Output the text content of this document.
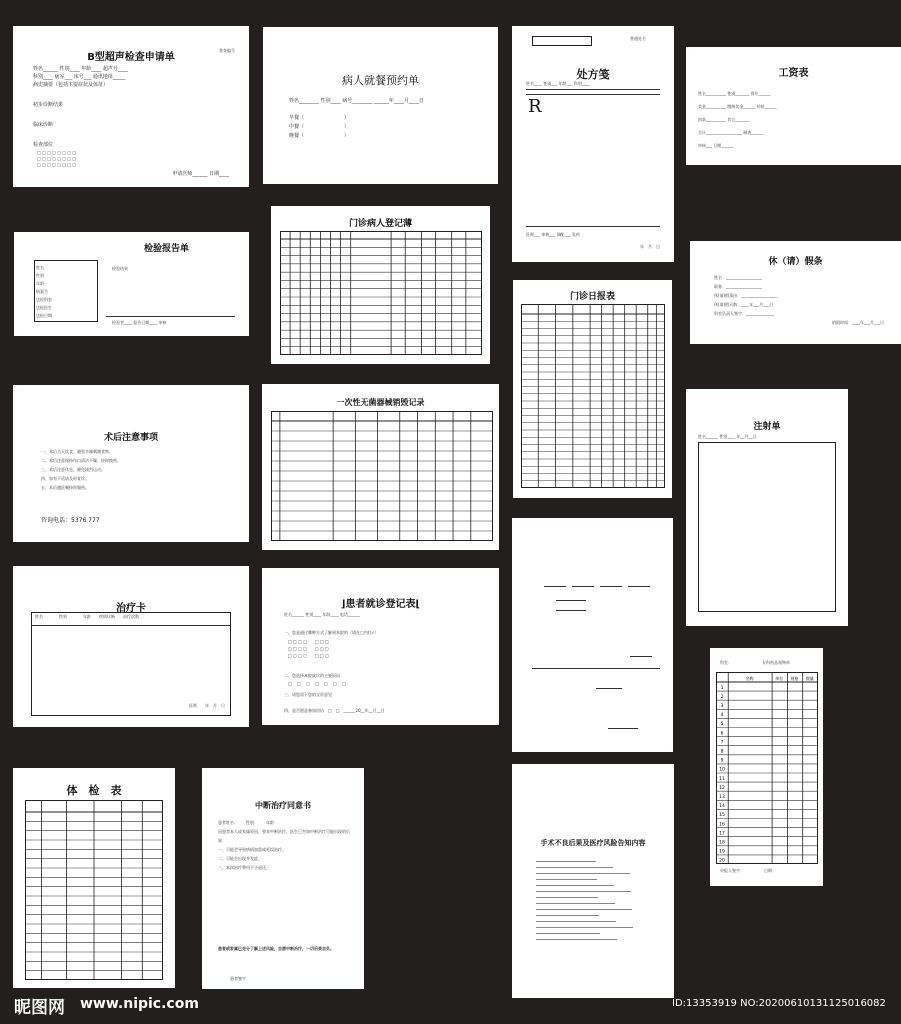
B型超声检查申请单
普查编号
姓名______ 性别____ 年龄____ 超声号____
科别____ 病室___ 床号___ 通讯地址_____
病史摘要（包括主要症状及体征）
初步诊断结果
临床诊断
检查部位
□ □ □ □ □ □ □ □
□ □ □ □ □ □ □ □
□ □ □ □ □ □ □ □
申请医师______ 日期____
病人就餐预约单
姓名________ 性别____ 病号________ ______年____月____日
早餐（　　　　　　　　）
中餐（　　　　　　　　）
晚餐（　　　　　　　　）
普通处方
处方笺
姓名____ 性别___ 年龄___ 科别____
R
医师___ 审核___ 调配___ 发药
年　 月　 日
工资表
姓名__________ 性别_______ 岗位______
奖金__________ 缴纳奖金______ 补贴______
扣款__________ 其它_______
合计__________________ 制表______
审核___ 日期______
检验报告单
姓名
性别
年龄
病案号
送检科室
送检医生
送检日期
检验结果
检验者____ 报告日期____ 审核
门诊病人登记薄
门诊日报表
休（请）假条
姓名：__________________
职务：__________________
休(请)假事由：__________________
休(请)假天数：____年___月___日
科室负责人签字：______________
销假时间：____年___月___日
术后注意事项
一、术后当天饮食，避免辛辣刺激食物。
二、术后注意保持伤口清洁干燥，按时换药。
三、术后注意休息，避免剧烈运动。
四、如有不适请及时复诊。
五、术后遵医嘱按时服药。
咨询电话：5376 777
一次性无菌器械销毁记录
注射单
姓名______ 性别____ 年__月__日
治疗卡
姓名　　　　	性别　　　　	年龄　　 疾病诊断　　 治疗次数
医师　　 年　 月　 日
⌋患者就诊登记表⌊
姓名______ 性别____ 年龄____ 电话______
一、您是通过哪种方式了解到本院的（请在□内打√）
□ □ □ □　　□ □ □
□ □ □ □　　□ □ □
□ □ □ □　　□ □ □
二、您选择本院就诊的主要原因
□ 　□ 　□ 　□ 　□ 　□ 　□
三、请您留下您的宝贵意见
四、是否愿意参加回访　□　□　______20__年__月__日
科室：	专科药品领物单
名称	单位 规格 数量
1
2
3
4
5
6
7
8
9
10
11
12
13
14
15
16
17
18
19
20
申报人签字：　　　　　	日期：
体　检　表
中断治疗同意书
患者姓名：　　性别：　　年龄：
因患者本人或家属原因，要求中断治疗，医生已告知中断治疗可能出现的后果：
一、可能会导致病情加重或延误治疗。
二、可能会出现并发症。
三、本次治疗费用不予退还。
患者或家属已充分了解上述风险，自愿中断治疗，一切后果自负。
患者签字：
手术不良后果及医疗风险告知内容
昵图网 www.nipic.com	ID:13353919 NO:20200610131125016082
